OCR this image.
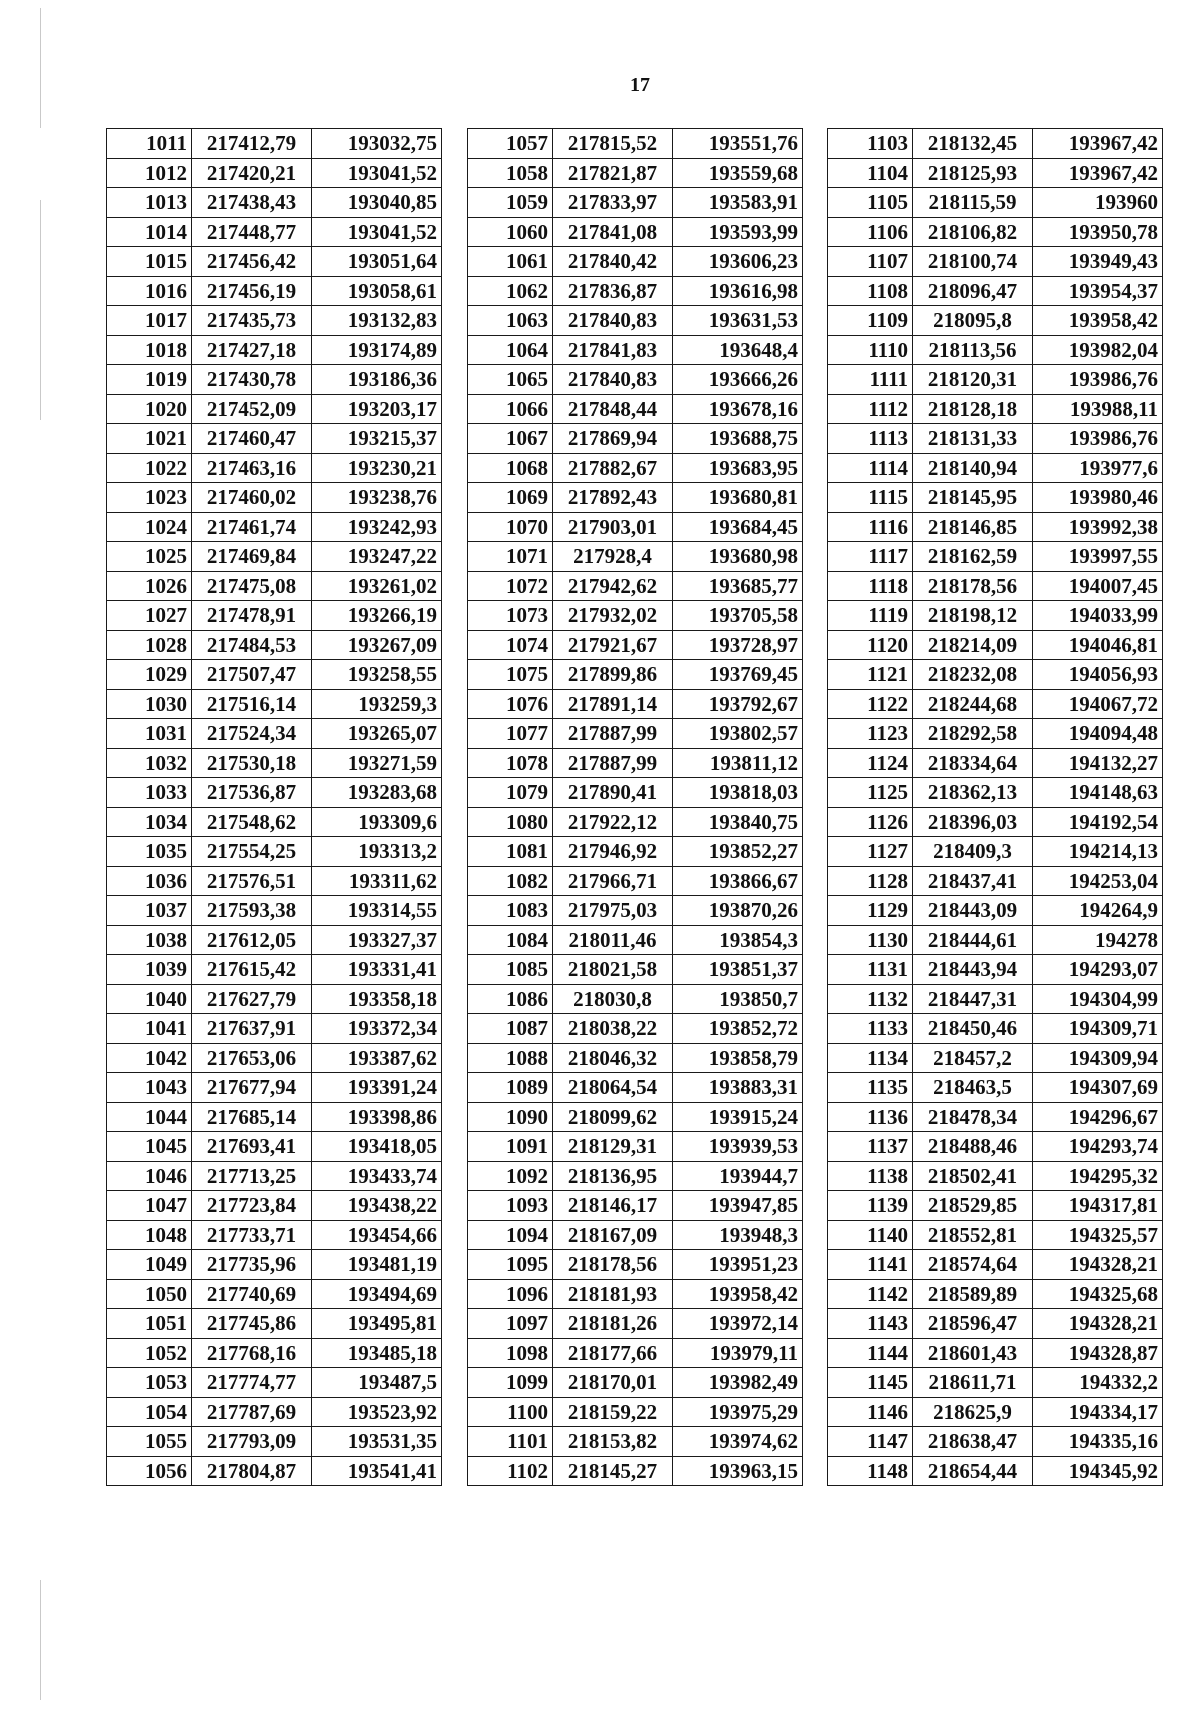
17
1011	217412,79	193032,75
1012	217420,21	193041,52
1013	217438,43	193040,85
1014	217448,77	193041,52
1015	217456,42	193051,64
1016	217456,19	193058,61
1017	217435,73	193132,83
1018	217427,18	193174,89
1019	217430,78	193186,36
1020	217452,09	193203,17
1021	217460,47	193215,37
1022	217463,16	193230,21
1023	217460,02	193238,76
1024	217461,74	193242,93
1025	217469,84	193247,22
1026	217475,08	193261,02
1027	217478,91	193266,19
1028	217484,53	193267,09
1029	217507,47	193258,55
1030	217516,14	193259,3
1031	217524,34	193265,07
1032	217530,18	193271,59
1033	217536,87	193283,68
1034	217548,62	193309,6
1035	217554,25	193313,2
1036	217576,51	193311,62
1037	217593,38	193314,55
1038	217612,05	193327,37
1039	217615,42	193331,41
1040	217627,79	193358,18
1041	217637,91	193372,34
1042	217653,06	193387,62
1043	217677,94	193391,24
1044	217685,14	193398,86
1045	217693,41	193418,05
1046	217713,25	193433,74
1047	217723,84	193438,22
1048	217733,71	193454,66
1049	217735,96	193481,19
1050	217740,69	193494,69
1051	217745,86	193495,81
1052	217768,16	193485,18
1053	217774,77	193487,5
1054	217787,69	193523,92
1055	217793,09	193531,35
1056	217804,87	193541,41
1057	217815,52	193551,76
1058	217821,87	193559,68
1059	217833,97	193583,91
1060	217841,08	193593,99
1061	217840,42	193606,23
1062	217836,87	193616,98
1063	217840,83	193631,53
1064	217841,83	193648,4
1065	217840,83	193666,26
1066	217848,44	193678,16
1067	217869,94	193688,75
1068	217882,67	193683,95
1069	217892,43	193680,81
1070	217903,01	193684,45
1071	217928,4	193680,98
1072	217942,62	193685,77
1073	217932,02	193705,58
1074	217921,67	193728,97
1075	217899,86	193769,45
1076	217891,14	193792,67
1077	217887,99	193802,57
1078	217887,99	193811,12
1079	217890,41	193818,03
1080	217922,12	193840,75
1081	217946,92	193852,27
1082	217966,71	193866,67
1083	217975,03	193870,26
1084	218011,46	193854,3
1085	218021,58	193851,37
1086	218030,8	193850,7
1087	218038,22	193852,72
1088	218046,32	193858,79
1089	218064,54	193883,31
1090	218099,62	193915,24
1091	218129,31	193939,53
1092	218136,95	193944,7
1093	218146,17	193947,85
1094	218167,09	193948,3
1095	218178,56	193951,23
1096	218181,93	193958,42
1097	218181,26	193972,14
1098	218177,66	193979,11
1099	218170,01	193982,49
1100	218159,22	193975,29
1101	218153,82	193974,62
1102	218145,27	193963,15
1103	218132,45	193967,42
1104	218125,93	193967,42
1105	218115,59	193960
1106	218106,82	193950,78
1107	218100,74	193949,43
1108	218096,47	193954,37
1109	218095,8	193958,42
1110	218113,56	193982,04
1111	218120,31	193986,76
1112	218128,18	193988,11
1113	218131,33	193986,76
1114	218140,94	193977,6
1115	218145,95	193980,46
1116	218146,85	193992,38
1117	218162,59	193997,55
1118	218178,56	194007,45
1119	218198,12	194033,99
1120	218214,09	194046,81
1121	218232,08	194056,93
1122	218244,68	194067,72
1123	218292,58	194094,48
1124	218334,64	194132,27
1125	218362,13	194148,63
1126	218396,03	194192,54
1127	218409,3	194214,13
1128	218437,41	194253,04
1129	218443,09	194264,9
1130	218444,61	194278
1131	218443,94	194293,07
1132	218447,31	194304,99
1133	218450,46	194309,71
1134	218457,2	194309,94
1135	218463,5	194307,69
1136	218478,34	194296,67
1137	218488,46	194293,74
1138	218502,41	194295,32
1139	218529,85	194317,81
1140	218552,81	194325,57
1141	218574,64	194328,21
1142	218589,89	194325,68
1143	218596,47	194328,21
1144	218601,43	194328,87
1145	218611,71	194332,2
1146	218625,9	194334,17
1147	218638,47	194335,16
1148	218654,44	194345,92
